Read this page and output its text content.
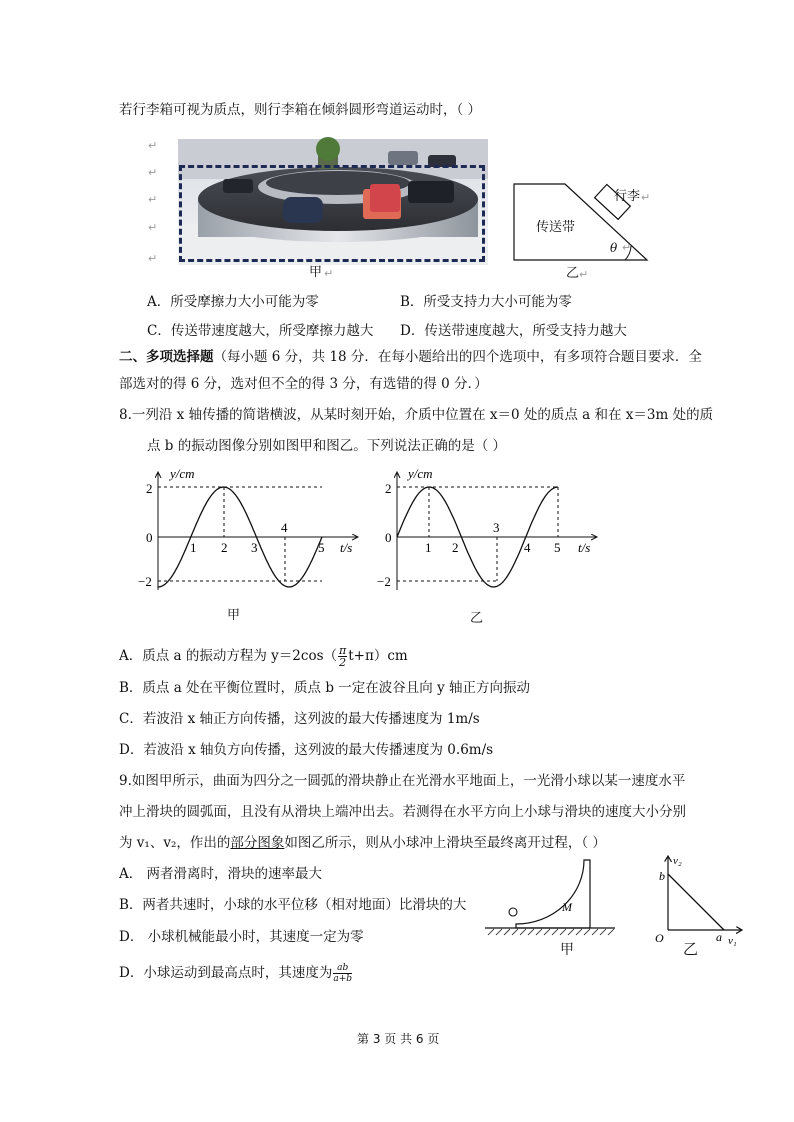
若行李箱可视为质点，则行李箱在倾斜圆形弯道运动时，（ ）
↵
↵
↵
↵
↵
甲 ↵
行李 ↵
传送带
θ ↵
乙 ↵
A．所受摩擦力大小可能为零	B．所受支持力大小可能为零
C．传送带速度越大，所受摩擦力越大 D．传送带速度越大，所受支持力越大
二、多项选择题（每小题 6 分，共 18 分．在每小题给出的四个选项中，有多项符合题目要求．全
部选对的得 6 分，选对但不全的得 3 分，有选错的得 0 分．）
8.一列沿 x 轴传播的简谐横波，从某时刻开始，介质中位置在 x＝0 处的质点 a 和在 x＝3m 处的质
点 b 的振动图像分别如图甲和图乙。下列说法正确的是（ ）
y/cm
t/s
2
−2
0
1 2 3
4
5
甲
y/cm
t/s
2
−2
0
1 2
3
4 5
乙
A．质点 a 的振动方程为 $y=2\cos( \frac{\pi}{2} t+\pi)cm$
B．质点 a 处在平衡位置时，质点 b 一定在波谷且向 y 轴正方向振动
C．若波沿 x 轴正方向传播，这列波的最大传播速度为 1m/s
D．若波沿 x 轴负方向传播，这列波的最大传播速度为 0.6m/s
9.如图甲所示，曲面为四分之一圆弧的滑块静止在光滑水平地面上，一光滑小球以某一速度水平
冲上滑块的圆弧面，且没有从滑块上端冲出去。若测得在水平方向上小球与滑块的速度大小分别
为 v₁、v₂，作出的部分图象如图乙所示，则从小球冲上滑块至最终离开过程，（ ）
A． 两者滑离时，滑块的速率最大
B．两者共速时，小球的水平位移（相对地面）比滑块的大
D． 小球机械能最小时，其速度一定为零
D．小球运动到最高点时，其速度为 $\frac{ab}{a+b}$
M
甲
v₂
v₁
b
a
O
乙
第 3 页 共 6 页
